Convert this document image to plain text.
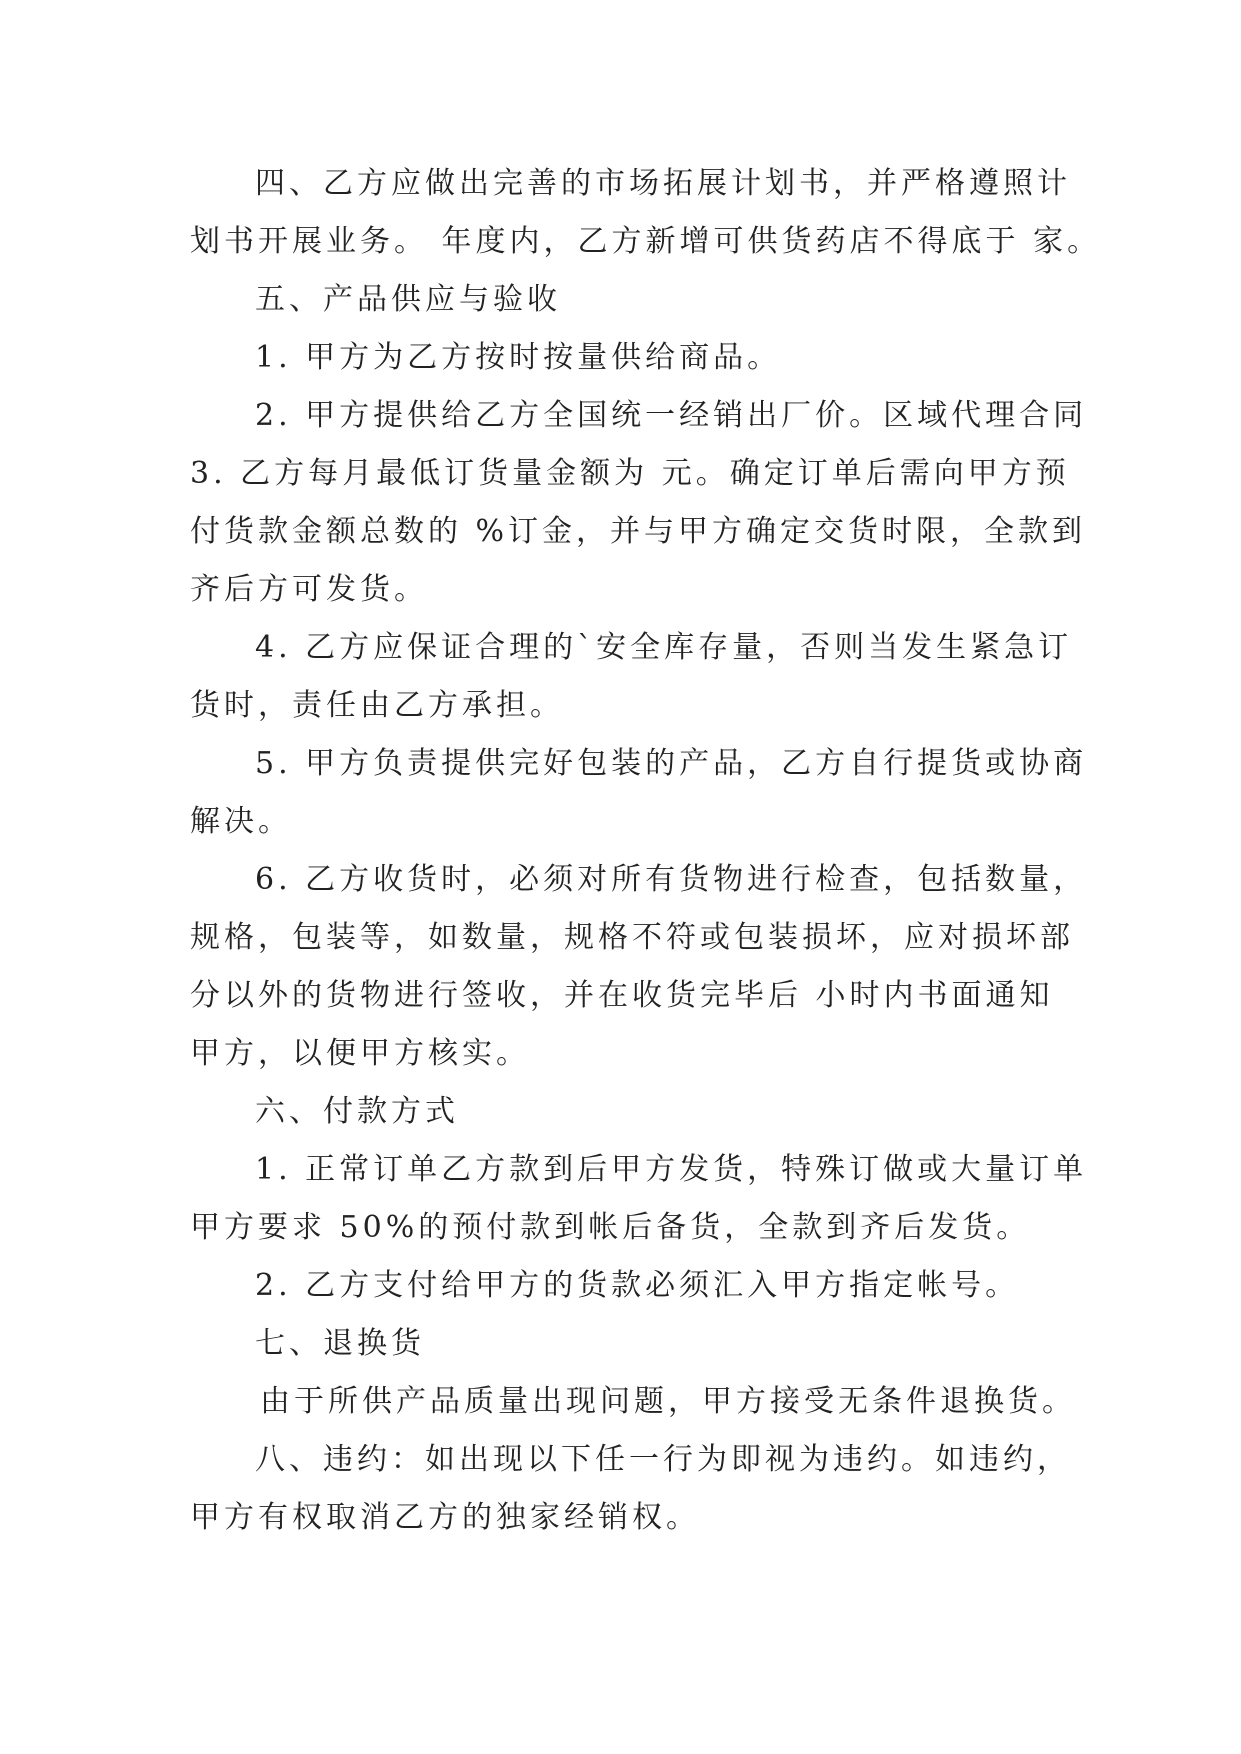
四、乙方应做出完善的市场拓展计划书，并严格遵照计
划书开展业务。 年度内，乙方新增可供货药店不得底于 家。
五、产品供应与验收
1. 甲方为乙方按时按量供给商品。
2. 甲方提供给乙方全国统一经销出厂价。区域代理合同
3. 乙方每月最低订货量金额为 元。确定订单后需向甲方预
付货款金额总数的 %订金，并与甲方确定交货时限，全款到
齐后方可发货。
4. 乙方应保证合理的`安全库存量，否则当发生紧急订
货时，责任由乙方承担。
5. 甲方负责提供完好包装的产品，乙方自行提货或协商
解决。
6. 乙方收货时，必须对所有货物进行检查，包括数量，
规格，包装等，如数量，规格不符或包装损坏，应对损坏部
分以外的货物进行签收，并在收货完毕后 小时内书面通知
甲方，以便甲方核实。
六、付款方式
1. 正常订单乙方款到后甲方发货，特殊订做或大量订单
甲方要求 50%的预付款到帐后备货，全款到齐后发货。
2. 乙方支付给甲方的货款必须汇入甲方指定帐号。
七、退换货
由于所供产品质量出现问题，甲方接受无条件退换货。
八、违约：如出现以下任一行为即视为违约。如违约，
甲方有权取消乙方的独家经销权。
